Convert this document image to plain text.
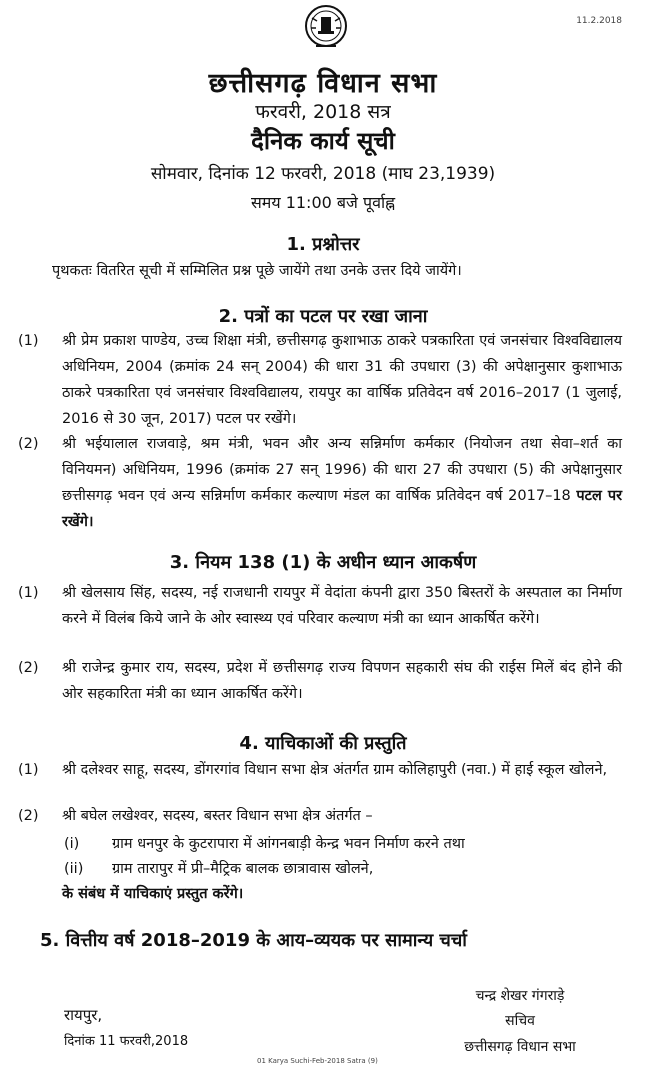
11.2.2018
छत्तीसगढ़ विधान सभा
फरवरी, 2018 सत्र
दैनिक कार्य सूची
सोमवार, दिनांक 12 फरवरी, 2018 (माघ 23,1939)
समय 11:00 बजे पूर्वाह्न
1. प्रश्नोत्तर
पृथकतः वितरित सूची में सम्मिलित प्रश्न पूछे जायेंगे तथा उनके उत्तर दिये जायेंगे।
2. पत्रों का पटल पर रखा जाना
(1) श्री प्रेम प्रकाश पाण्डेय, उच्च शिक्षा मंत्री, छत्तीसगढ़ कुशाभाऊ ठाकरे पत्रकारिता एवं जनसंचार विश्वविद्यालय अधिनियम, 2004 (क्रमांक 24 सन् 2004) की धारा 31 की उपधारा (3) की अपेक्षानुसार कुशाभाऊ ठाकरे पत्रकारिता एवं जनसंचार विश्वविद्यालय, रायपुर का वार्षिक प्रतिवेदन वर्ष 2016–2017 (1 जुलाई, 2016 से 30 जून, 2017) पटल पर रखेंगे।
(2) श्री भईयालाल राजवाड़े, श्रम मंत्री, भवन और अन्य सन्निर्माण कर्मकार (नियोजन तथा सेवा–शर्त का विनियमन) अधिनियम, 1996 (क्रमांक 27 सन् 1996) की धारा 27 की उपधारा (5) की अपेक्षानुसार छत्तीसगढ़ भवन एवं अन्य सन्निर्माण कर्मकार कल्याण मंडल का वार्षिक प्रतिवेदन वर्ष 2017–18 पटल पर रखेंगे।
3. नियम 138 (1) के अधीन ध्यान आकर्षण
(1) श्री खेलसाय सिंह, सदस्य, नई राजधानी रायपुर में वेदांता कंपनी द्वारा 350 बिस्तरों के अस्पताल का निर्माण करने में विलंब किये जाने के ओर स्वास्थ्य एवं परिवार कल्याण मंत्री का ध्यान आकर्षित करेंगे।
(2) श्री राजेन्द्र कुमार राय, सदस्य, प्रदेश में छत्तीसगढ़ राज्य विपणन सहकारी संघ की राईस मिलें बंद होने की ओर सहकारिता मंत्री का ध्यान आकर्षित करेंगे।
4. याचिकाओं की प्रस्तुति
(1) श्री दलेश्वर साहू, सदस्य, डोंगरगांव विधान सभा क्षेत्र अंतर्गत ग्राम कोलिहापुरी (नवा.) में हाई स्कूल खोलने,
(2) श्री बघेल लखेश्वर, सदस्य, बस्तर विधान सभा क्षेत्र अंतर्गत –
(i) ग्राम धनपुर के कुटरापारा में आंगनबाड़ी केन्द्र भवन निर्माण करने तथा
(ii) ग्राम तारापुर में प्री–मैट्रिक बालक छात्रावास खोलने,
के संबंध में याचिकाएं प्रस्तुत करेंगे।
5. वित्तीय वर्ष 2018–2019 के आय–व्ययक पर सामान्य चर्चा
चन्द्र शेखर गंगराड़े
सचिव
छत्तीसगढ़ विधान सभा
रायपुर,
दिनांक 11 फरवरी,2018
01 Karya Suchi-Feb-2018 Satra (9)
